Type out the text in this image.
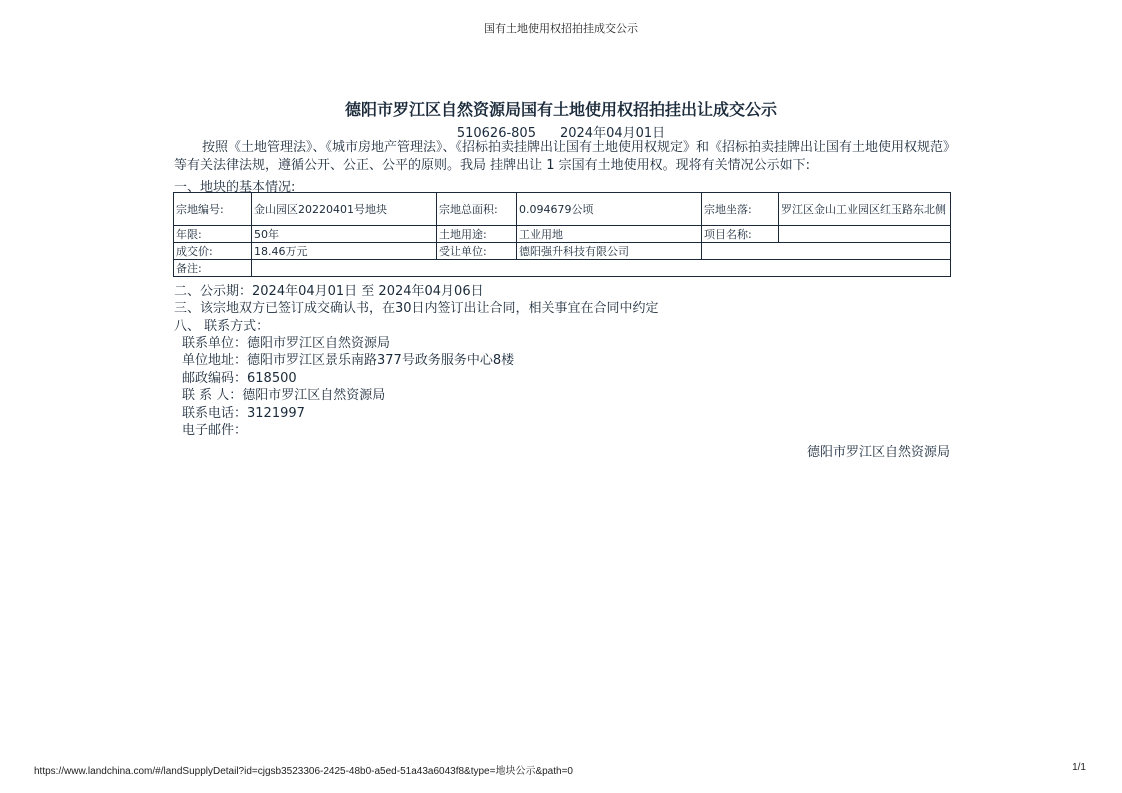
国有土地使用权招拍挂成交公示
德阳市罗江区自然资源局国有土地使用权招拍挂出让成交公示
510626-805 2024年04月01日
按照《土地管理法》、《城市房地产管理法》、《招标拍卖挂牌出让国有土地使用权规定》和《招标拍卖挂牌出让国有土地使用权规范》等有关法律法规，遵循公开、公正、公平的原则。我局 挂牌出让 1 宗国有土地使用权。现将有关情况公示如下:
一、地块的基本情况:
宗地编号:	金山园区20220401号地块	宗地总面积:	0.094679公顷	宗地坐落:	罗江区金山工业园区红玉路东北侧
年限:	50年	土地用途:	工业用地	项目名称:	
成交价:	18.46万元	受让单位:	德阳强升科技有限公司		
备注:					
二、公示期：2024年04月01日 至 2024年04月06日
三、该宗地双方已签订成交确认书，在30日内签订出让合同，相关事宜在合同中约定
八、 联系方式：
联系单位：德阳市罗江区自然资源局
单位地址：德阳市罗江区景乐南路377号政务服务中心8楼
邮政编码：618500
联 系 人：德阳市罗江区自然资源局
联系电话：3121997
电子邮件：
德阳市罗江区自然资源局
https://www.landchina.com/#/landSupplyDetail?id=cjgsb3523306-2425-48b0-a5ed-51a43a6043f8&type=地块公示&path=0	1/1
